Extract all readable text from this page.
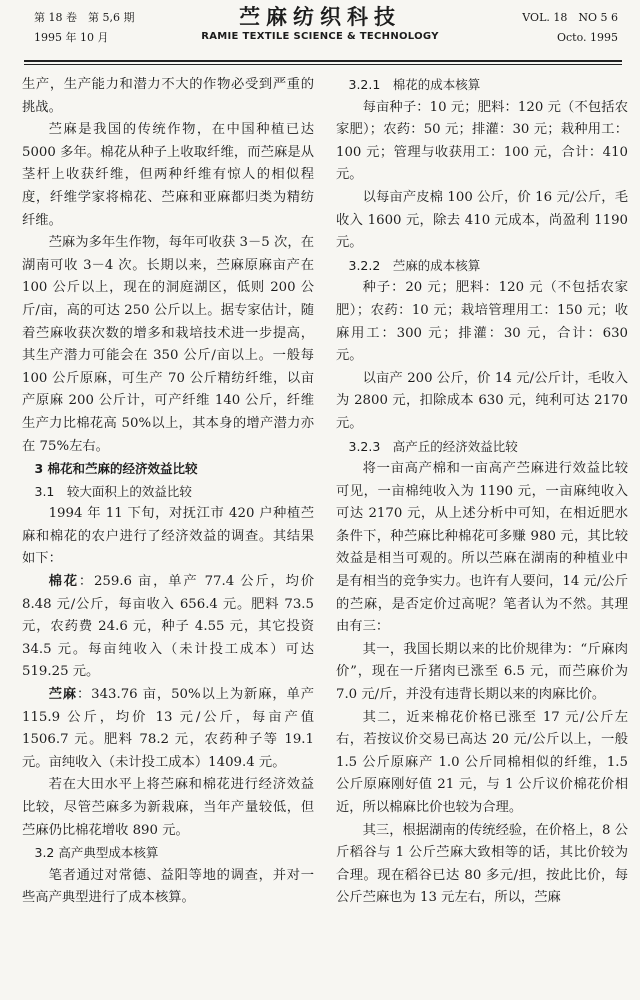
第 18 卷　第 5,6 期
1995 年 10 月
苎麻纺织科技
RAMIE TEXTILE SCIENCE & TECHNOLOGY
VOL. 18　NO 5 6
Octo. 1995

生产，生产能力和潜力不大的作物必受到严重的挑战。

苎麻是我国的传统作物，在中国种植已达 5000 多年。棉花从种子上收取纤维，而苎麻是从茎杆上收获纤维，但两种纤维有惊人的相似程度，纤维学家将棉花、苎麻和亚麻都归类为精纺纤维。

苎麻为多年生作物，每年可收获 3－5 次，在湖南可收 3－4 次。长期以来，苎麻原麻亩产在 100 公斤以上，现在的洞庭湖区，低则 200 公斤/亩，高的可达 250 公斤以上。据专家估计，随着苎麻收获次数的增多和栽培技术进一步提高，其生产潜力可能会在 350 公斤/亩以上。一般每 100 公斤原麻，可生产 70 公斤精纺纤维，以亩产原麻 200 公斤计，可产纤维 140 公斤，纤维生产力比棉花高 50%以上，其本身的增产潜力亦在 75%左右。

3 棉花和苎麻的经济效益比较

3.1　较大面积上的效益比较

1994 年 11 下旬，对抚江市 420 户种植苎麻和棉花的农户进行了经济效益的调查。其结果如下：

棉花：259.6 亩，单产 77.4 公斤，均价 8.48 元/公斤，每亩收入 656.4 元。肥料 73.5 元，农药费 24.6 元，种子 4.55 元，其它投资 34.5 元。每亩纯收入（未计投工成本）可达 519.25 元。

苎麻：343.76 亩，50%以上为新麻，单产 115.9 公斤，均价 13 元/公斤，每亩产值 1506.7 元。肥料 78.2 元，农药种子等 19.1 元。亩纯收入（未计投工成本）1409.4 元。

若在大田水平上将苎麻和棉花进行经济效益比较，尽管苎麻多为新栽麻，当年产量较低，但苎麻仍比棉花增收 890 元。

3.2 高产典型成本核算

笔者通过对常德、益阳等地的调查，并对一些高产典型进行了成本核算。

3.2.1　棉花的成本核算

每亩种子：10 元；肥料：120 元（不包括农家肥）；农药：50 元；排灌：30 元；栽种用工：100 元；管理与收获用工：100 元，合计：410 元。

以每亩产皮棉 100 公斤，价 16 元/公斤，毛收入 1600 元，除去 410 元成本，尚盈利 1190 元。

3.2.2　苎麻的成本核算

种子：20 元；肥料：120 元（不包括农家肥）；农药：10 元；栽培管理用工：150 元；收麻用工：300 元；排灌：30 元，合计：630 元。

以亩产 200 公斤，价 14 元/公斤计，毛收入为 2800 元，扣除成本 630 元，纯利可达 2170 元。

3.2.3　高产丘的经济效益比较

将一亩高产棉和一亩高产苎麻进行效益比较可见，一亩棉纯收入为 1190 元，一亩麻纯收入可达 2170 元，从上述分析中可知，在相近肥水条件下，种苎麻比种棉花可多赚 980 元，其比较效益是相当可观的。所以苎麻在湖南的种植业中是有相当的竞争实力。也许有人要问，14 元/公斤的苎麻，是否定价过高呢？笔者认为不然。其理由有三：

其一，我国长期以来的比价规律为：“斤麻肉价”，现在一斤猪肉已涨至 6.5 元，而苎麻价为 7.0 元/斤，并没有违背长期以来的肉麻比价。

其二，近来棉花价格已涨至 17 元/公斤左右，若按议价交易已高达 20 元/公斤以上，一般 1.5 公斤原麻产 1.0 公斤同棉相似的纤维，1.5 公斤原麻刚好值 21 元，与 1 公斤议价棉花价相近，所以棉麻比价也较为合理。

其三，根据湖南的传统经验，在价格上，8 公斤稻谷与 1 公斤苎麻大致相等的话，其比价较为合理。现在稻谷已达 80 多元/担，按此比价，每公斤苎麻也为 13 元左右，所以，苎麻
